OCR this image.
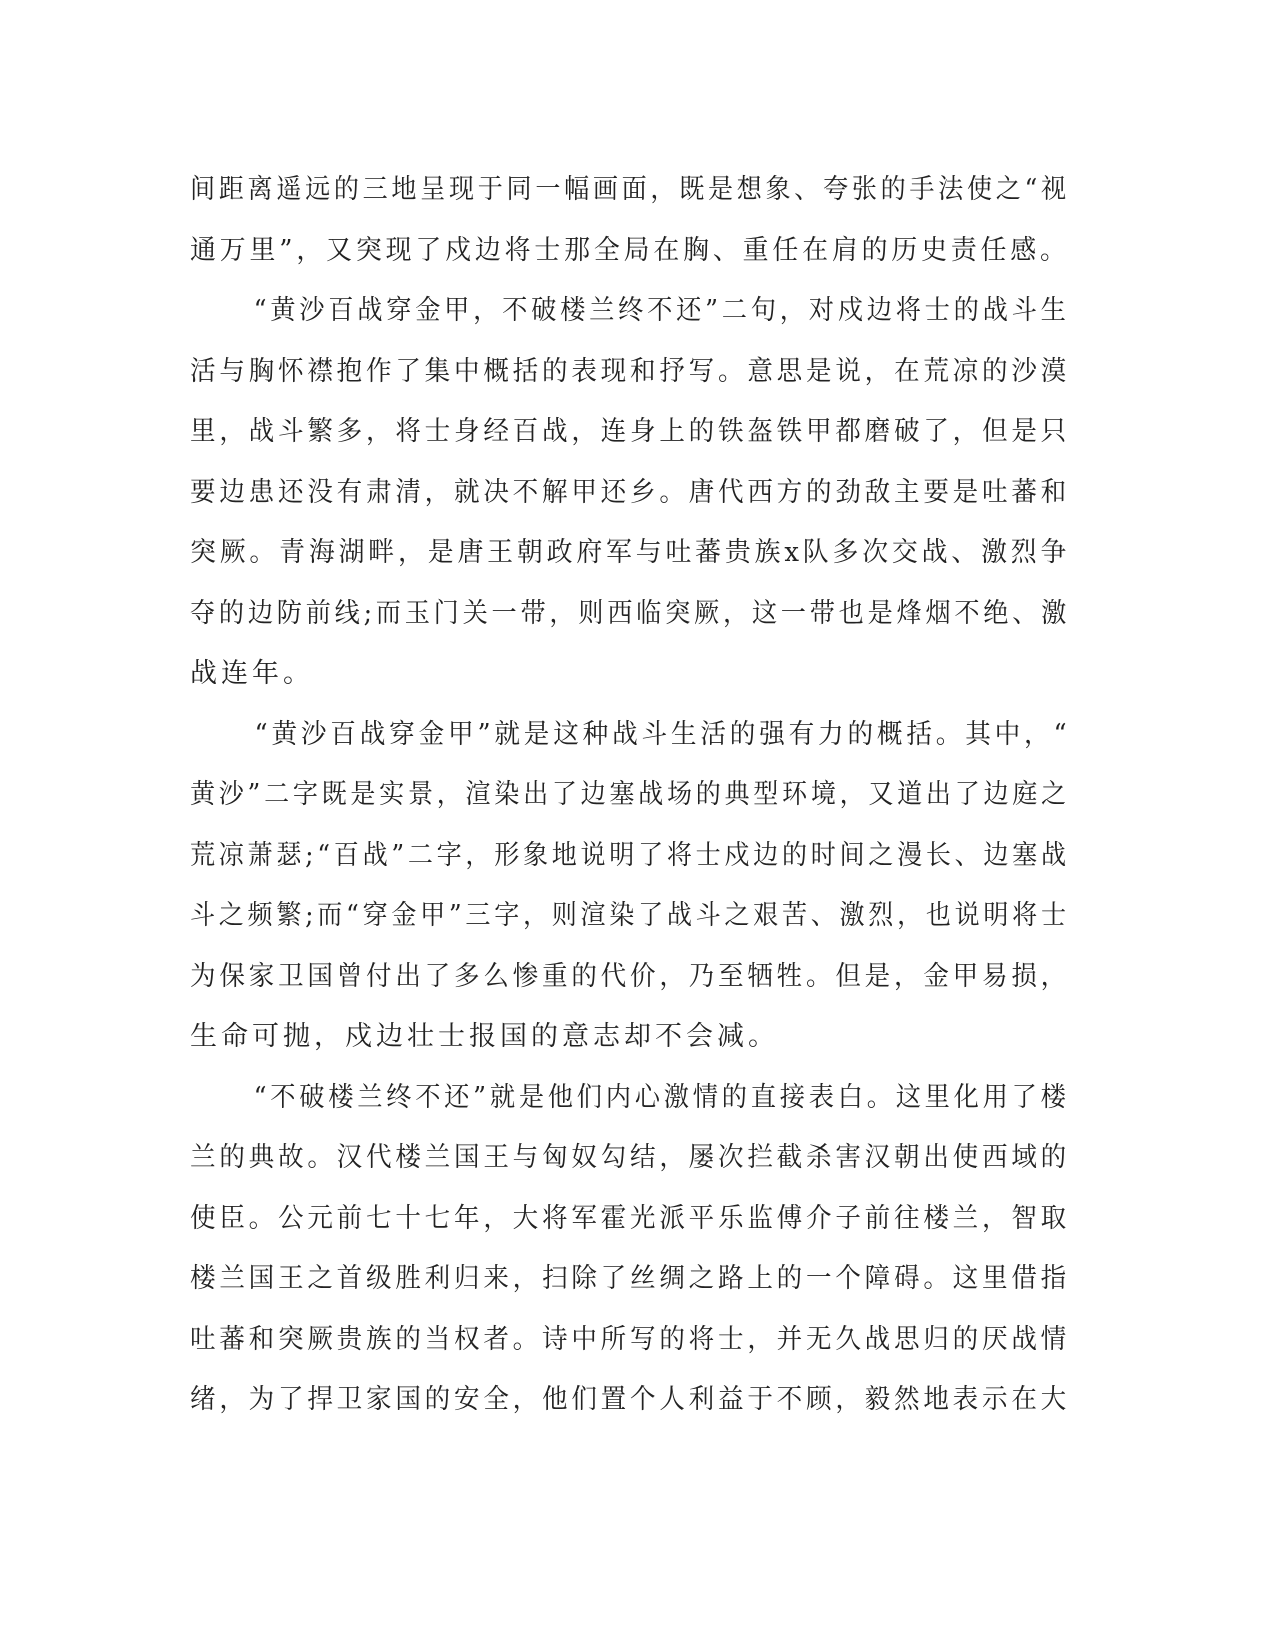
间距离遥远的三地呈现于同一幅画面，既是想象、夸张的手法使之“视
通万里”，又突现了戍边将士那全局在胸、重任在肩的历史责任感。
“黄沙百战穿金甲，不破楼兰终不还”二句，对戍边将士的战斗生
活与胸怀襟抱作了集中概括的表现和抒写。意思是说，在荒凉的沙漠
里，战斗繁多，将士身经百战，连身上的铁盔铁甲都磨破了，但是只
要边患还没有肃清，就决不解甲还乡。唐代西方的劲敌主要是吐蕃和
突厥。青海湖畔，是唐王朝政府军与吐蕃贵族x队多次交战、激烈争
夺的边防前线;而玉门关一带，则西临突厥，这一带也是烽烟不绝、激
战连年。
“黄沙百战穿金甲”就是这种战斗生活的强有力的概括。其中，“
黄沙”二字既是实景，渲染出了边塞战场的典型环境，又道出了边庭之
荒凉萧瑟;“百战”二字，形象地说明了将士戍边的时间之漫长、边塞战
斗之频繁;而“穿金甲”三字，则渲染了战斗之艰苦、激烈，也说明将士
为保家卫国曾付出了多么惨重的代价，乃至牺牲。但是，金甲易损，
生命可抛，戍边壮士报国的意志却不会减。
“不破楼兰终不还”就是他们内心激情的直接表白。这里化用了楼
兰的典故。汉代楼兰国王与匈奴勾结，屡次拦截杀害汉朝出使西域的
使臣。公元前七十七年，大将军霍光派平乐监傅介子前往楼兰，智取
楼兰国王之首级胜利归来，扫除了丝绸之路上的一个障碍。这里借指
吐蕃和突厥贵族的当权者。诗中所写的将士，并无久战思归的厌战情
绪，为了捍卫家国的安全，他们置个人利益于不顾，毅然地表示在大
